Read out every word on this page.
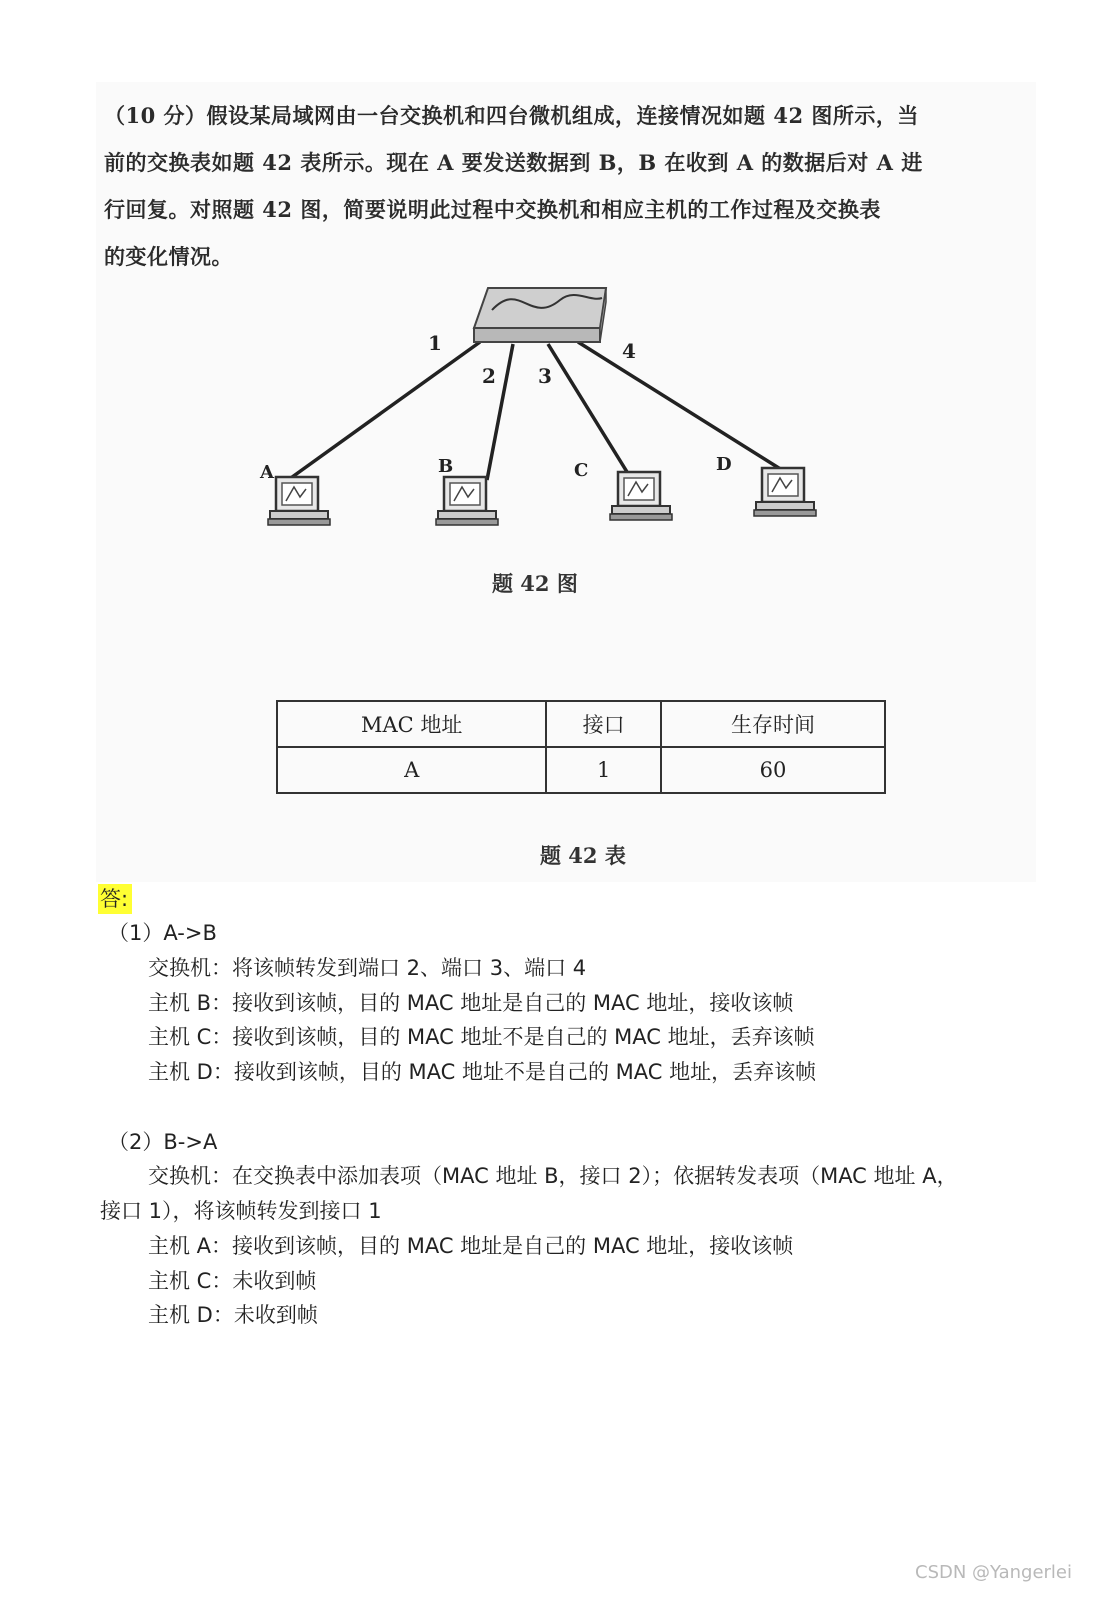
（10 分）假设某局域网由一台交换机和四台微机组成，连接情况如题 42 图所示，当
前的交换表如题 42 表所示。现在 A 要发送数据到 B，B 在收到 A 的数据后对 A 进
行回复。对照题 42 图，简要说明此过程中交换机和相应主机的工作过程及交换表
的变化情况。
1
2 3
4
A	B	C	D
题 42 图
MAC 地址	接口	生存时间
A	1	60
题 42 表
答:

（1）A->B

交换机：将该帧转发到端口 2、端口 3、端口 4

主机 B：接收到该帧，目的 MAC 地址是自己的 MAC 地址，接收该帧

主机 C：接收到该帧，目的 MAC 地址不是自己的 MAC 地址，丢弃该帧

主机 D：接收到该帧，目的 MAC 地址不是自己的 MAC 地址，丢弃该帧

（2）B->A

交换机：在交换表中添加表项（MAC 地址 B，接口 2）；依据转发表项（MAC 地址 A，

接口 1），将该帧转发到接口 1

主机 A：接收到该帧，目的 MAC 地址是自己的 MAC 地址，接收该帧

主机 C：未收到帧

主机 D：未收到帧

CSDN @Yangerlei
